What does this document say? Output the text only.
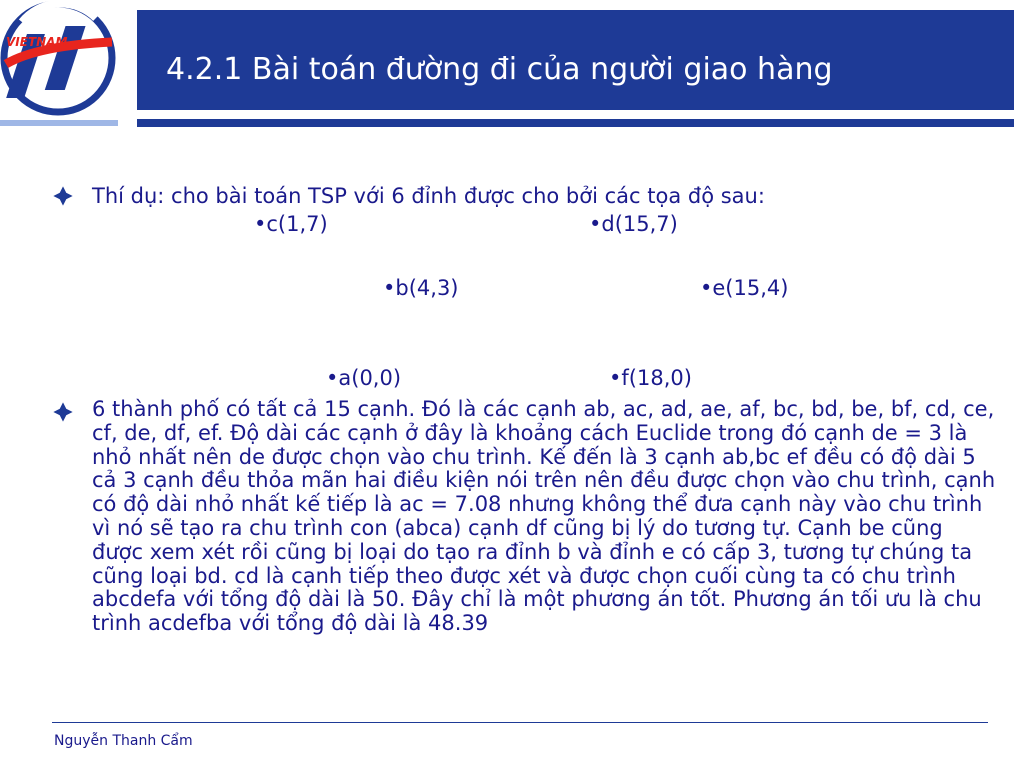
VIETNAM
4.2.1 Bài toán đường đi của người giao hàng
Thí dụ: cho bài toán TSP với 6 đỉnh được cho bởi các tọa độ sau:
•c(1,7)	•d(15,7)
•b(4,3)	•e(15,4)
•a(0,0)	•f(18,0)
6 thành phố có tất cả 15 cạnh. Đó là các cạnh ab, ac, ad, ae, af, bc, bd, be, bf, cd, ce, cf, de, df, ef. Độ dài các cạnh ở đây là khoảng cách Euclide trong đó cạnh de = 3 là nhỏ nhất nên de được chọn vào chu trình. Kế đến là 3 cạnh ab,bc ef đều có độ dài 5 cả 3 cạnh đều thỏa mãn hai điều kiện nói trên nên đều được chọn vào chu trình, cạnh có độ dài nhỏ nhất kế tiếp là ac = 7.08 nhưng không thể đưa cạnh này vào chu trình vì nó sẽ tạo ra chu trình con (abca) cạnh df cũng bị lý do tương tự. Cạnh be cũng được xem xét rồi cũng bị loại do tạo ra đỉnh b và đỉnh e có cấp 3, tương tự chúng ta cũng loại bd. cd là cạnh tiếp theo được xét và được chọn cuối cùng ta có chu trình abcdefa với tổng độ dài là 50. Đây chỉ là một phương án tốt. Phương án tối ưu là chu trình acdefba với tổng độ dài là 48.39
Nguyễn Thanh Cẩm
